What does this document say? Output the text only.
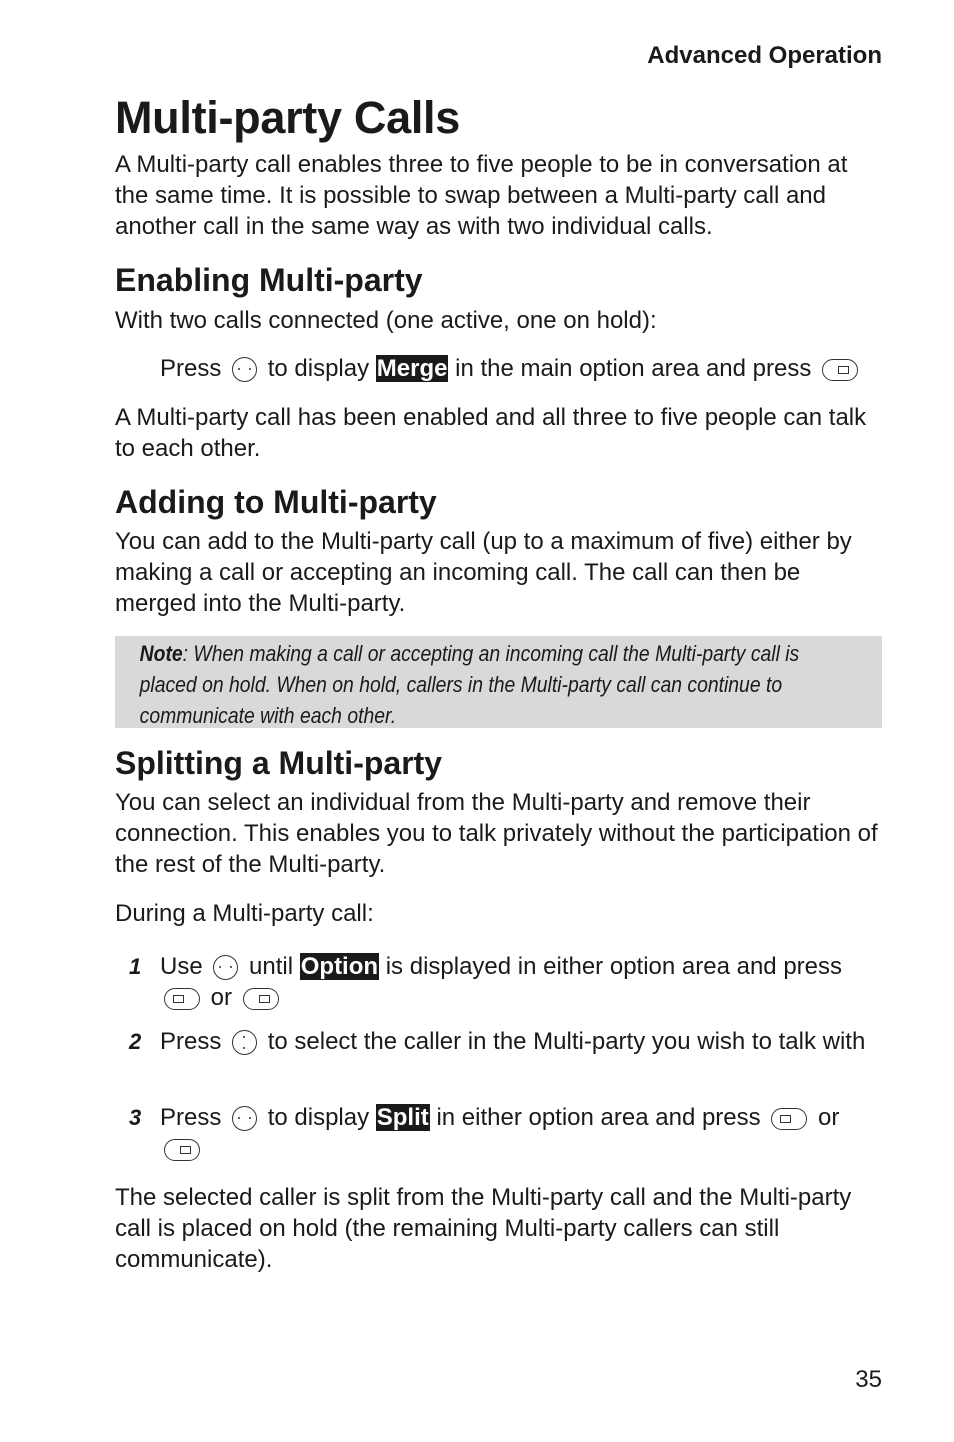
Advanced Operation

Multi-party Calls

A Multi-party call enables three to five people to be in conversation at the same time. It is possible to swap between a Multi-party call and another call in the same way as with two individual calls.

Enabling Multi-party

With two calls connected (one active, one on hold):

Press to display Merge in the main option area and press

A Multi-party call has been enabled and all three to five people can talk to each other.

Adding to Multi-party

You can add to the Multi-party call (up to a maximum of five) either by making a call or accepting an incoming call. The call can then be merged into the Multi-party.

Note: When making a call or accepting an incoming call the Multi-party call is placed on hold. When on hold, callers in the Multi-party call can continue to communicate with each other.

Splitting a Multi-party

You can select an individual from the Multi-party and remove their connection. This enables you to talk privately without the participation of the rest of the Multi-party.

During a Multi-party call:

1 Use until Option is displayed in either option area and press
or
2 Press to select the caller in the Multi-party you wish to talk with
3 Press to display Split in either option area and press or

The selected caller is split from the Multi-party call and the Multi-party call is placed on hold (the remaining Multi-party callers can still communicate).

35
